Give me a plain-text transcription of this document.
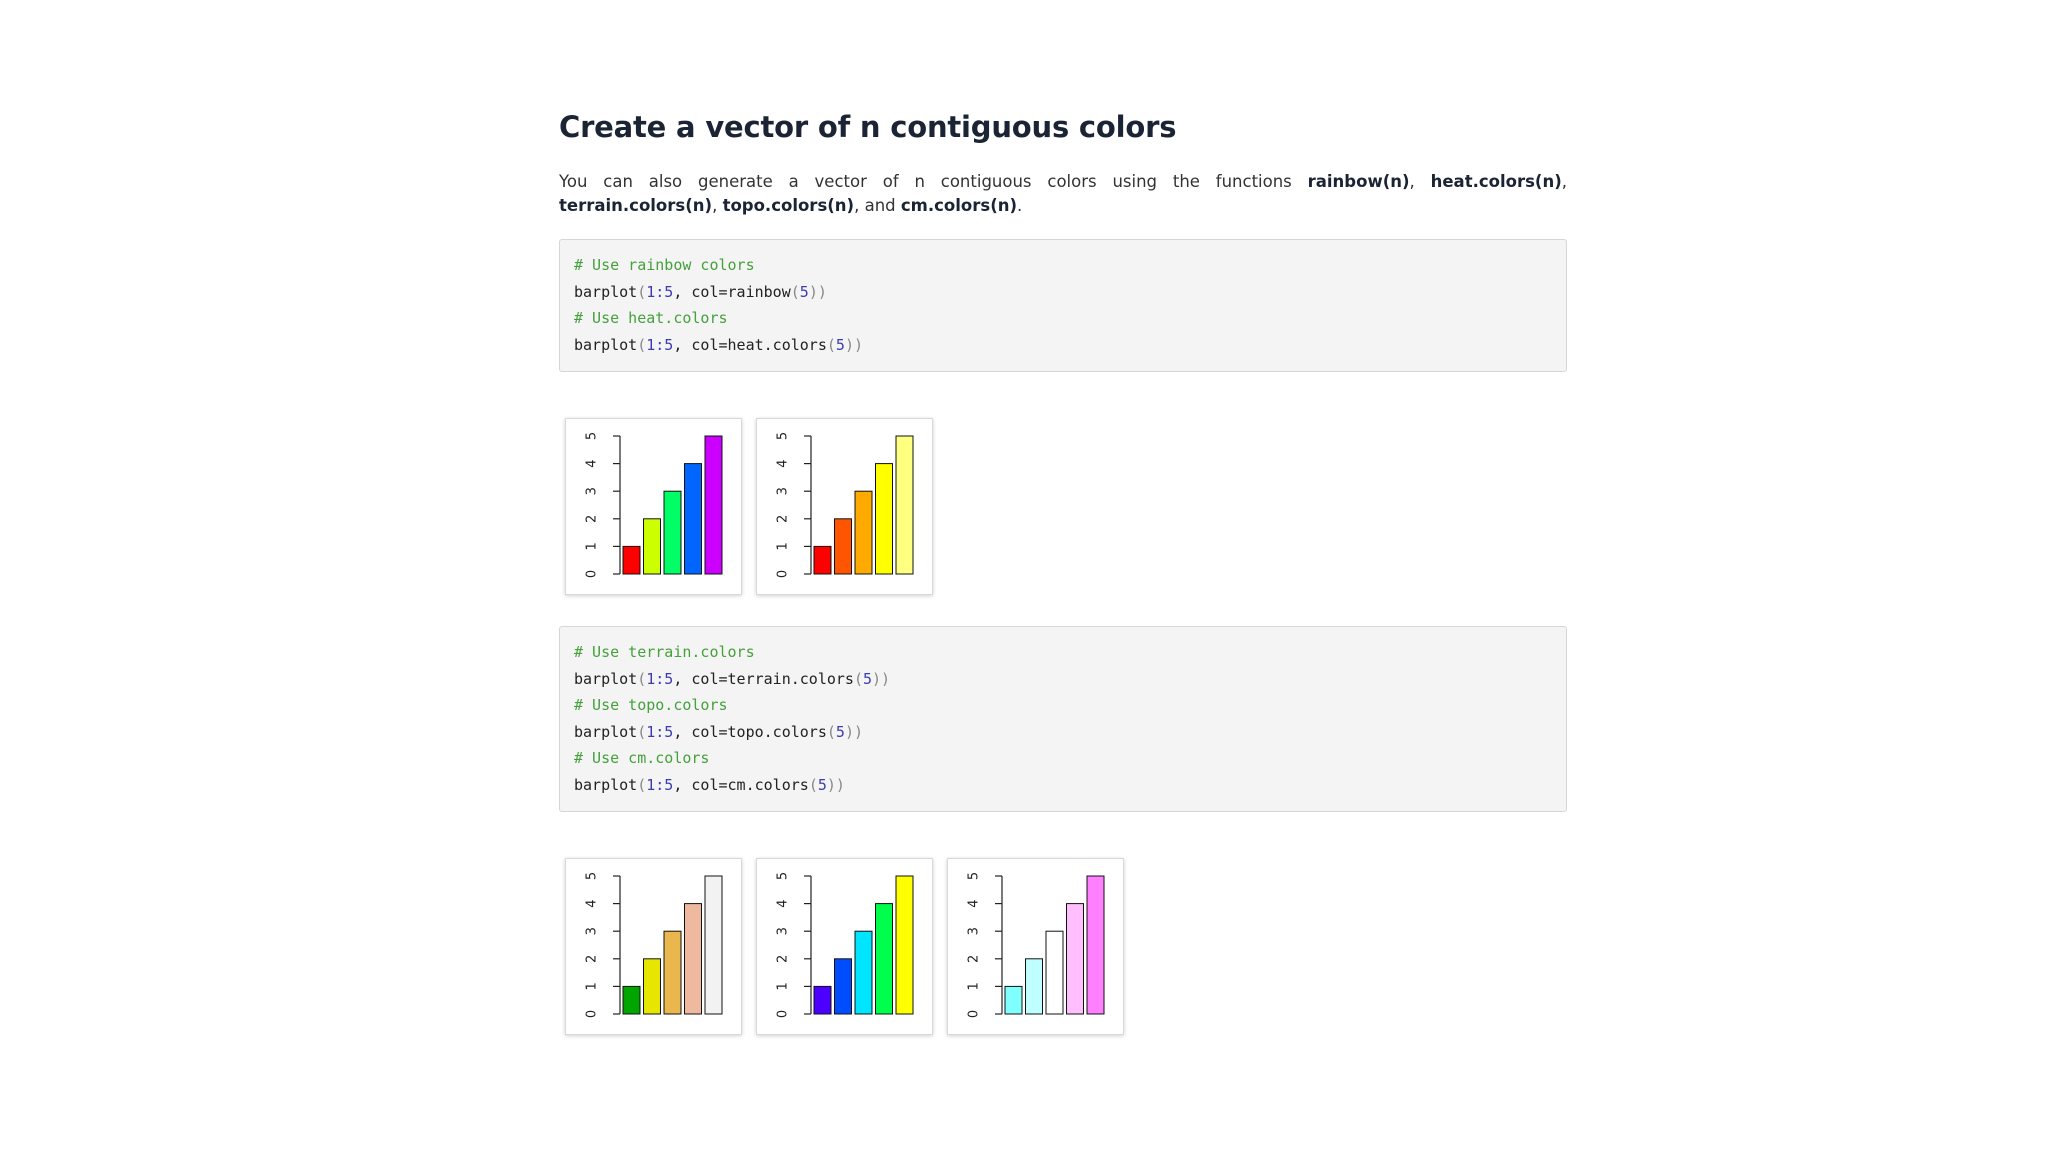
Create a vector of n contiguous colors
You can also generate a vector of n contiguous colors using the functions rainbow(n), heat.colors(n), terrain.colors(n), topo.colors(n), and cm.colors(n).
# Use rainbow colors
barplot(1:5, col=rainbow(5))
# Use heat.colors
barplot(1:5, col=heat.colors(5))
0
1
2
3
4
5
0
1
2
3
4
5
# Use terrain.colors
barplot(1:5, col=terrain.colors(5))
# Use topo.colors
barplot(1:5, col=topo.colors(5))
# Use cm.colors
barplot(1:5, col=cm.colors(5))
0
1
2
3
4
5
0
1
2
3
4
5
0
1
2
3
4
5
